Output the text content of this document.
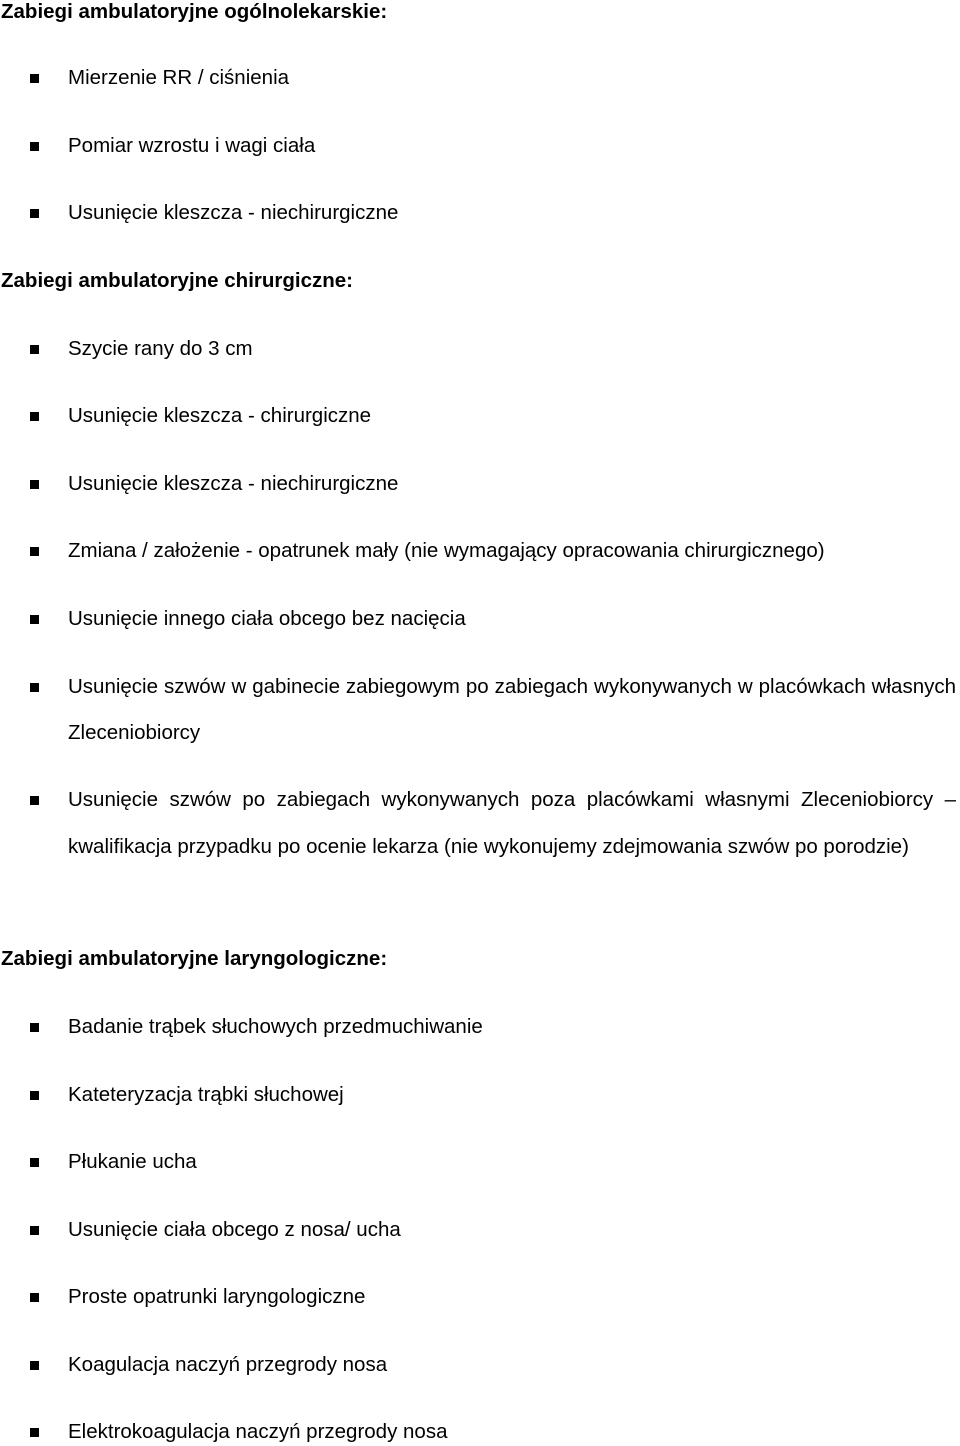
Zabiegi ambulatoryjne ogólnolekarskie:
Mierzenie RR / ciśnienia
Pomiar wzrostu i wagi ciała
Usunięcie kleszcza - niechirurgiczne
Zabiegi ambulatoryjne chirurgiczne:
Szycie rany do 3 cm
Usunięcie kleszcza - chirurgiczne
Usunięcie kleszcza - niechirurgiczne
Zmiana / założenie - opatrunek mały (nie wymagający opracowania chirurgicznego)
Usunięcie innego ciała obcego bez nacięcia
Usunięcie szwów w gabinecie zabiegowym po zabiegach wykonywanych w placówkach własnych Zleceniobiorcy
Usunięcie szwów po zabiegach wykonywanych poza placówkami własnymi Zleceniobiorcy – kwalifikacja przypadku po ocenie lekarza (nie wykonujemy zdejmowania szwów po porodzie)
Zabiegi ambulatoryjne laryngologiczne:
Badanie trąbek słuchowych przedmuchiwanie
Kateteryzacja trąbki słuchowej
Płukanie ucha
Usunięcie ciała obcego z nosa/ ucha
Proste opatrunki laryngologiczne
Koagulacja naczyń przegrody nosa
Elektrokoagulacja naczyń przegrody nosa
